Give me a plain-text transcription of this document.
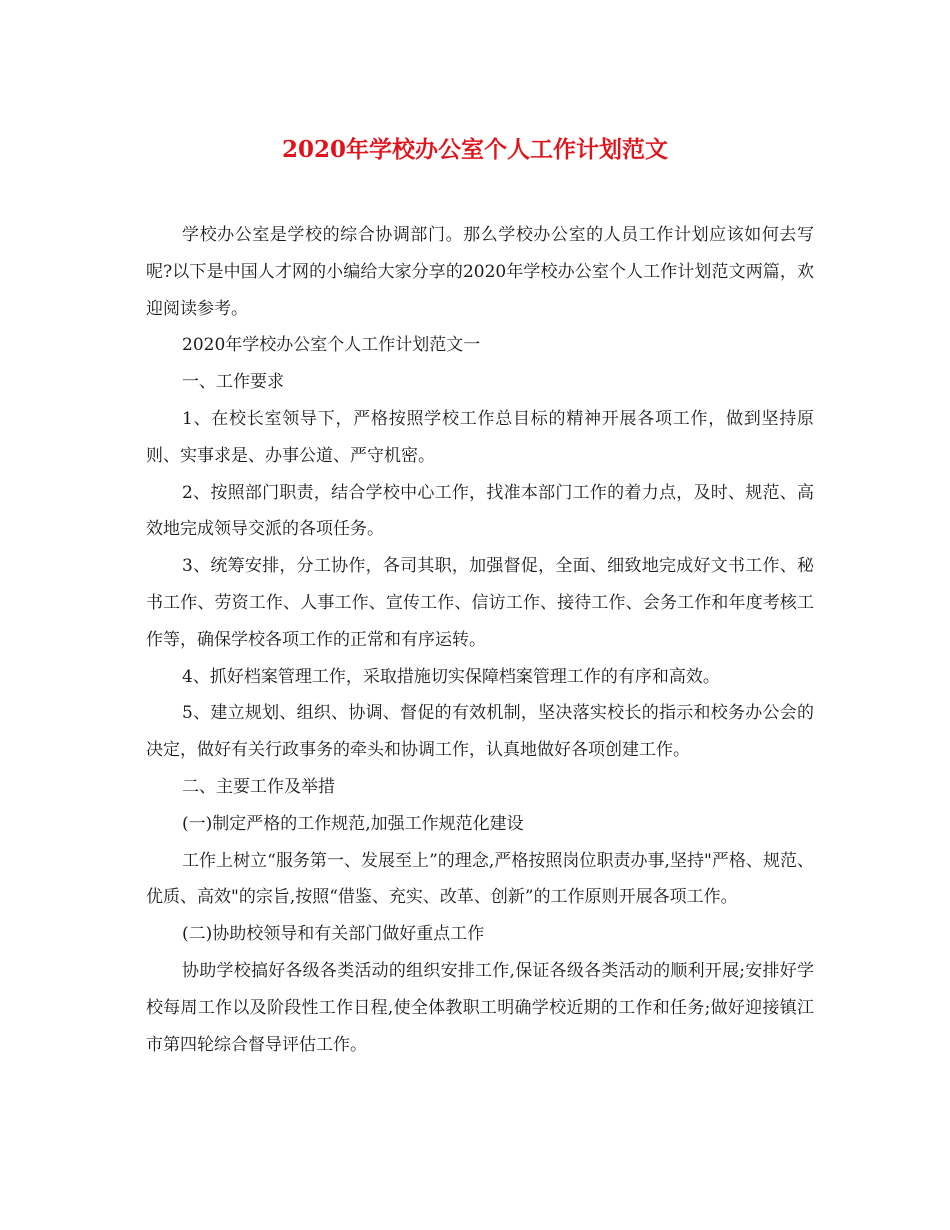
2020年学校办公室个人工作计划范文

学校办公室是学校的综合协调部门。那么学校办公室的人员工作计划应该如何去写呢?以下是中国人才网的小编给大家分享的2020年学校办公室个人工作计划范文两篇，欢迎阅读参考。

2020年学校办公室个人工作计划范文一

一、工作要求

1、在校长室领导下，严格按照学校工作总目标的精神开展各项工作，做到坚持原则、实事求是、办事公道、严守机密。

2、按照部门职责，结合学校中心工作，找准本部门工作的着力点，及时、规范、高效地完成领导交派的各项任务。

3、统筹安排，分工协作，各司其职，加强督促，全面、细致地完成好文书工作、秘书工作、劳资工作、人事工作、宣传工作、信访工作、接待工作、会务工作和年度考核工作等，确保学校各项工作的正常和有序运转。

4、抓好档案管理工作，采取措施切实保障档案管理工作的有序和高效。

5、建立规划、组织、协调、督促的有效机制，坚决落实校长的指示和校务办公会的决定，做好有关行政事务的牵头和协调工作，认真地做好各项创建工作。

二、主要工作及举措

(一)制定严格的工作规范,加强工作规范化建设

工作上树立“服务第一、发展至上”的理念,严格按照岗位职责办事,坚持"严格、规范、优质、高效"的宗旨,按照“借鉴、充实、改革、创新”的工作原则开展各项工作。

(二)协助校领导和有关部门做好重点工作

协助学校搞好各级各类活动的组织安排工作,保证各级各类活动的顺利开展;安排好学校每周工作以及阶段性工作日程,使全体教职工明确学校近期的工作和任务;做好迎接镇江市第四轮综合督导评估工作。
